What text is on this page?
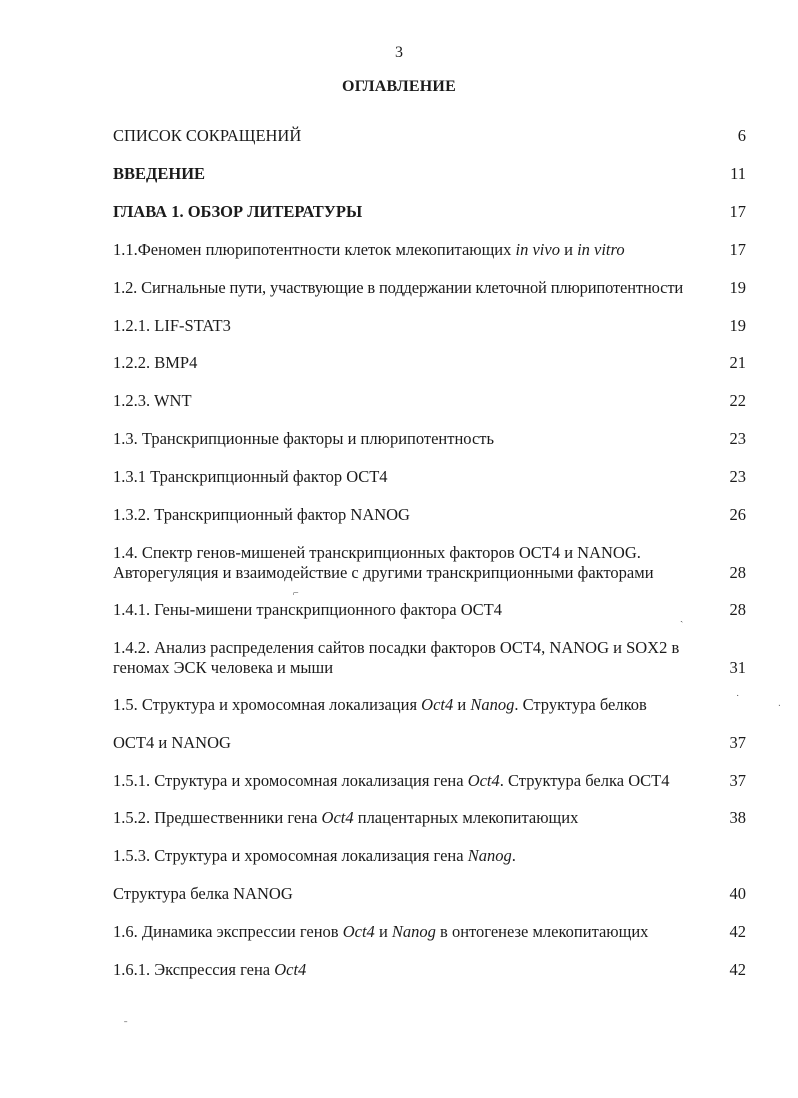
3
ОГЛАВЛЕНИЕ
СПИСОК СОКРАЩЕНИЙ	6
ВВЕДЕНИЕ	11
ГЛАВА 1. ОБЗОР ЛИТЕРАТУРЫ	17
1.1.Феномен плюрипотентности клеток млекопитающих in vivo и in vitro	17
1.2. Сигнальные пути, участвующие в поддержании клеточной плюрипотентности	19
1.2.1. LIF-STAT3	19
1.2.2. BMP4	21
1.2.3. WNT	22
1.3. Транскрипционные факторы и плюрипотентность	23
1.3.1 Транскрипционный фактор OCT4	23
1.3.2. Транскрипционный фактор NANOG	26
1.4. Спектр генов-мишеней транскрипционных факторов OCT4 и NANOG.
Авторегуляция и взаимодействие с другими транскрипционными факторами	28
1.4.1. Гены-мишени транскрипционного фактора OCT4	28
1.4.2. Анализ распределения сайтов посадки факторов OCT4, NANOG и SOX2 в
геномах ЭСК человека и мыши	31
1.5. Структура и хромосомная локализация Oct4 и Nanog. Структура белков
OCT4 и NANOG	37
1.5.1. Структура и хромосомная локализация гена Oct4. Структура белка OCT4	37
1.5.2. Предшественники гена Oct4 плацентарных млекопитающих	38
1.5.3. Структура и хромосомная локализация гена Nanog.
Структура белка NANOG	40
1.6. Динамика экспрессии генов Oct4 и Nanog в онтогенезе млекопитающих	42
1.6.1. Экспрессия гена Oct4	42
⌐
ˎ
˙
ˑ
ˉ
